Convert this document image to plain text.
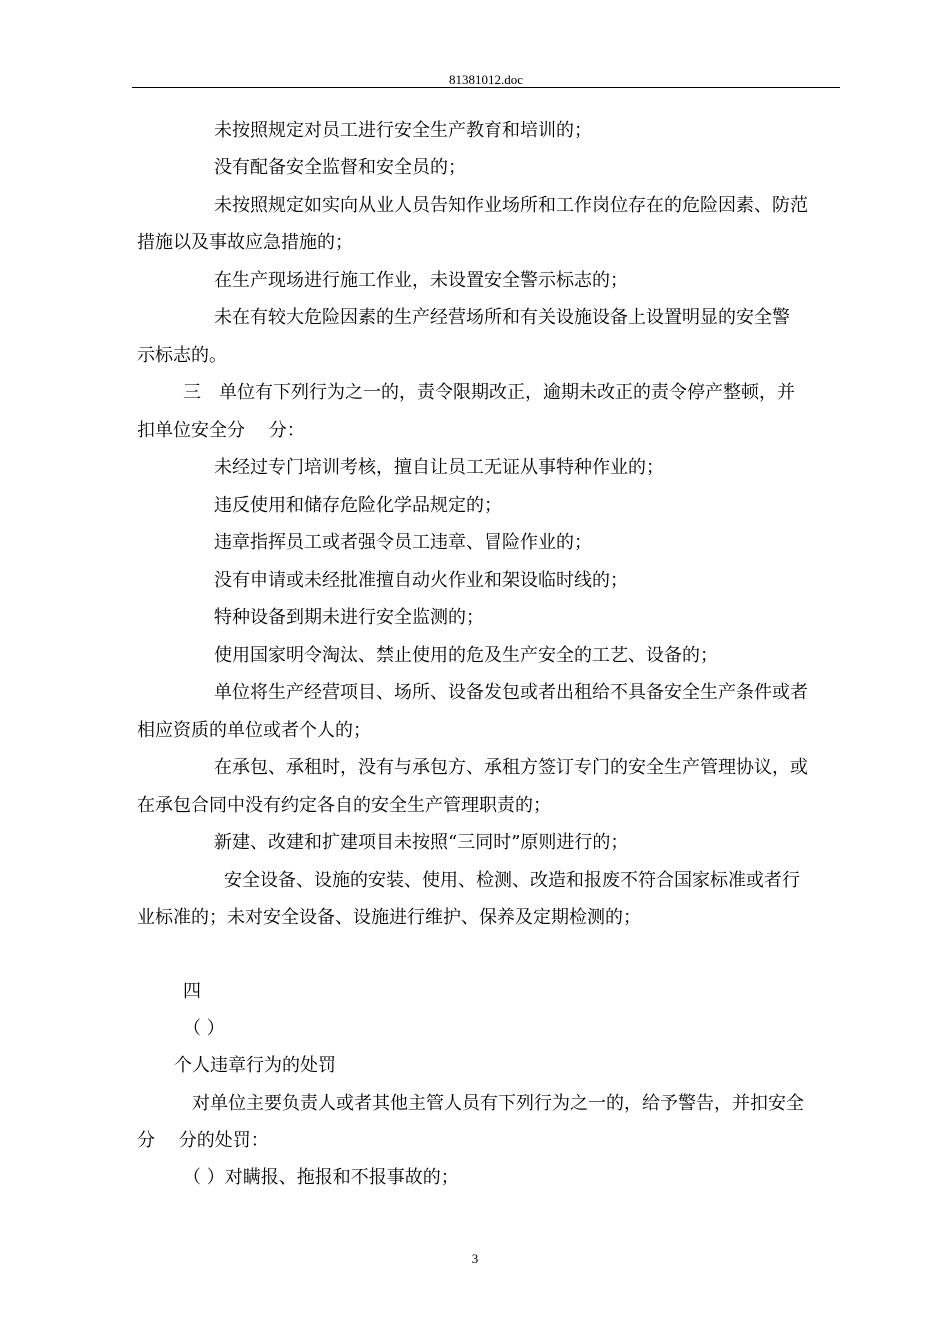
81381012.doc
未按照规定对员工进行安全生产教育和培训的；
没有配备安全监督和安全员的；
未按照规定如实向从业人员告知作业场所和工作岗位存在的危险因素、防范
措施以及事故应急措施的；
在生产现场进行施工作业，未设置安全警示标志的；
未在有较大危险因素的生产经营场所和有关设施设备上设置明显的安全警
示标志的。
三　单位有下列行为之一的，责令限期改正，逾期未改正的责令停产整顿，并
扣单位安全分　 分：
未经过专门培训考核，擅自让员工无证从事特种作业的；
违反使用和储存危险化学品规定的；
违章指挥员工或者强令员工违章、冒险作业的；
没有申请或未经批准擅自动火作业和架设临时线的；
特种设备到期未进行安全监测的；
使用国家明令淘汰、禁止使用的危及生产安全的工艺、设备的；
单位将生产经营项目、场所、设备发包或者出租给不具备安全生产条件或者
相应资质的单位或者个人的；
在承包、承租时，没有与承包方、承租方签订专门的安全生产管理协议，或
在承包合同中没有约定各自的安全生产管理职责的；
新建、改建和扩建项目未按照“三同时”原则进行的；
安全设备、设施的安装、使用、检测、改造和报废不符合国家标准或者行
业标准的；未对安全设备、设施进行维护、保养及定期检测的；
四
（ ）
个人违章行为的处罚
对单位主要负责人或者其他主管人员有下列行为之一的，给予警告，并扣安全
分　 分的处罚：
（ ）对瞒报、拖报和不报事故的；
3
